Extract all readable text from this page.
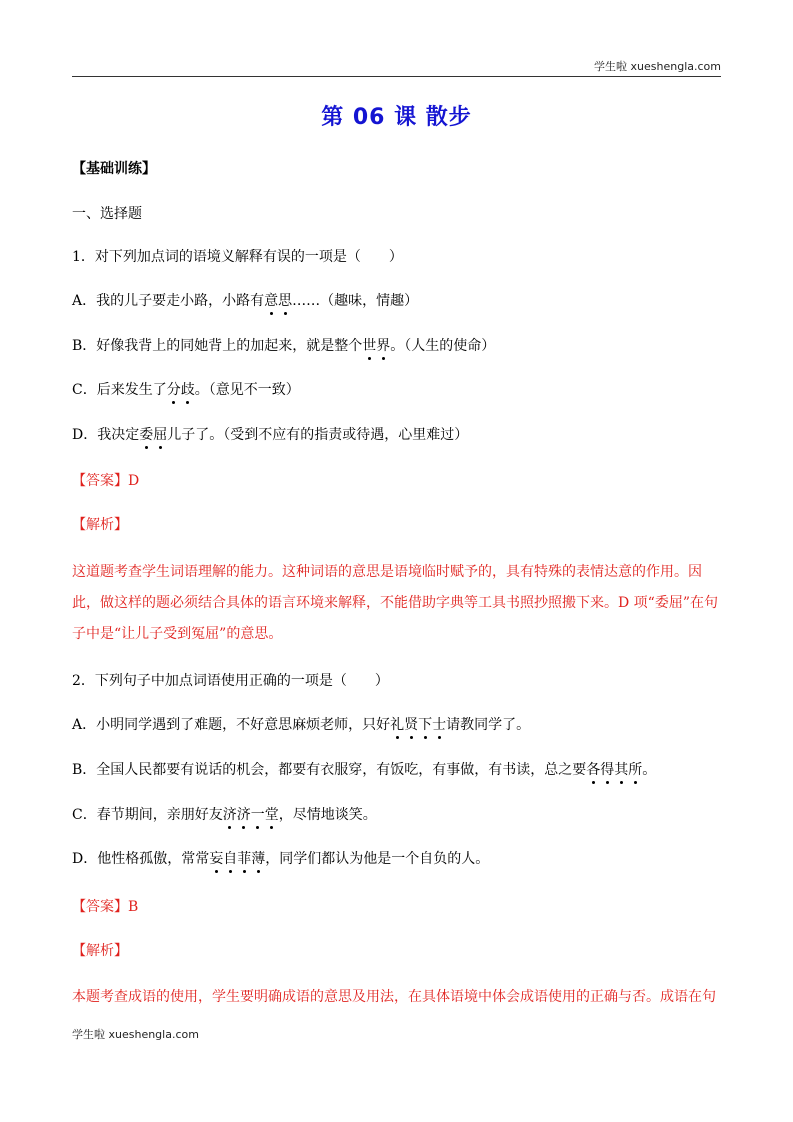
学生啦 xueshengla.com
第 06 课 散步
【基础训练】
一、选择题
1．对下列加点词的语境义解释有误的一项是（　　）
A．我的儿子要走小路，小路有意思……（趣味，情趣）
B．好像我背上的同她背上的加起来，就是整个世界。（人生的使命）
C．后来发生了分歧。（意见不一致）
D．我决定委屈儿子了。（受到不应有的指责或待遇，心里难过）
【答案】D
【解析】
这道题考查学生词语理解的能力。这种词语的意思是语境临时赋予的，具有特殊的表情达意的作用。因此，做这样的题必须结合具体的语言环境来解释，不能借助字典等工具书照抄照搬下来。D 项“委屈”在句子中是“让儿子受到冤屈”的意思。
2．下列句子中加点词语使用正确的一项是（　　）
A．小明同学遇到了难题，不好意思麻烦老师，只好礼贤下士请教同学了。
B．全国人民都要有说话的机会，都要有衣服穿，有饭吃，有事做，有书读，总之要各得其所。
C．春节期间，亲朋好友济济一堂，尽情地谈笑。
D．他性格孤傲，常常妄自菲薄，同学们都认为他是一个自负的人。
【答案】B
【解析】
本题考查成语的使用，学生要明确成语的意思及用法，在具体语境中体会成语使用的正确与否。成语在句
学生啦 xueshengla.com
